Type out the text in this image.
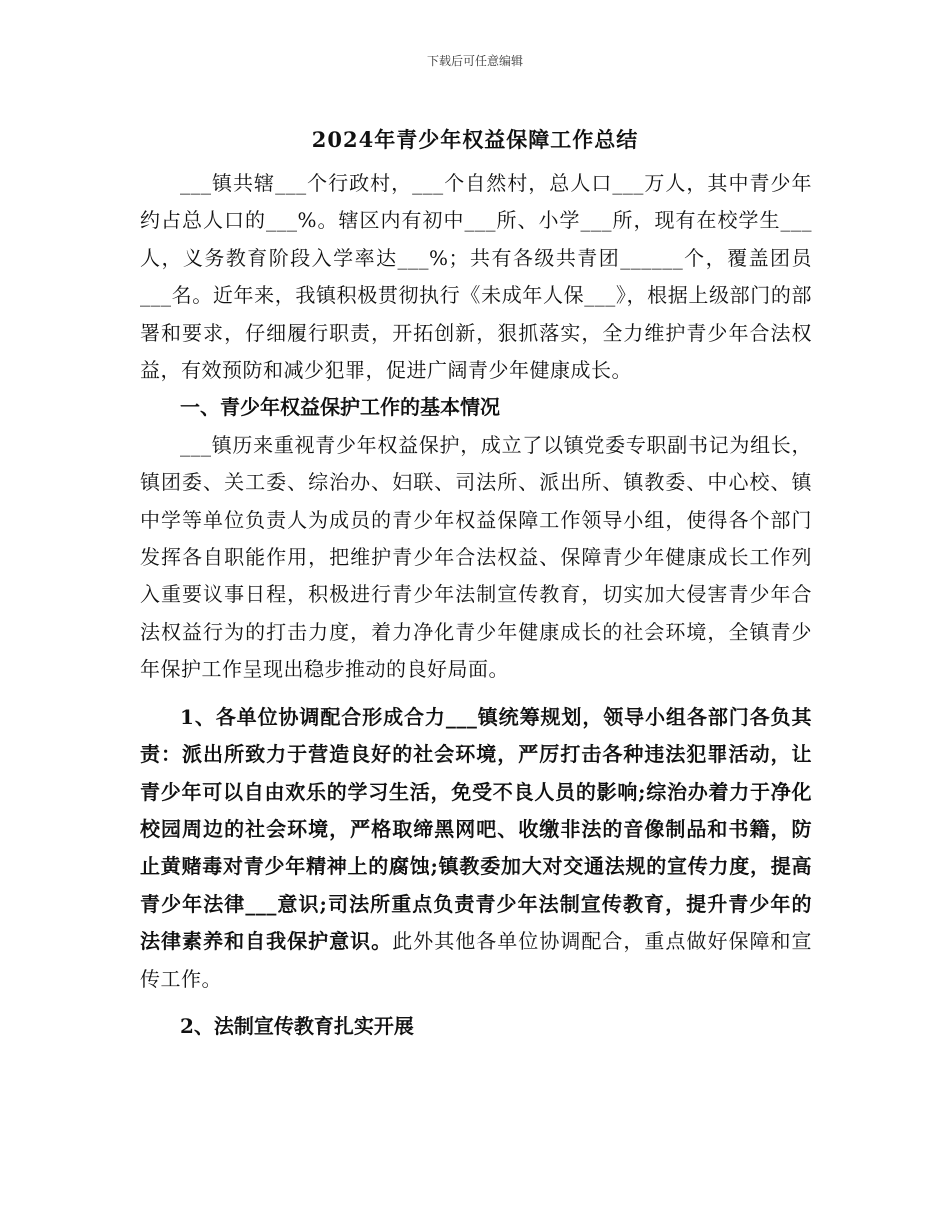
下载后可任意编辑
2024年青少年权益保障工作总结

___镇共辖___个行政村，___个自然村，总人口___万人，其中青少年约占总人口的___%。辖区内有初中___所、小学___所，现有在校学生___人，义务教育阶段入学率达___%；共有各级共青团______个，覆盖团员___名。近年来，我镇积极贯彻执行《未成年人保___》，根据上级部门的部署和要求，仔细履行职责，开拓创新，狠抓落实，全力维护青少年合法权益，有效预防和减少犯罪，促进广阔青少年健康成长。

一、青少年权益保护工作的基本情况

___镇历来重视青少年权益保护，成立了以镇党委专职副书记为组长，镇团委、关工委、综治办、妇联、司法所、派出所、镇教委、中心校、镇中学等单位负责人为成员的青少年权益保障工作领导小组，使得各个部门发挥各自职能作用，把维护青少年合法权益、保障青少年健康成长工作列入重要议事日程，积极进行青少年法制宣传教育，切实加大侵害青少年合法权益行为的打击力度，着力净化青少年健康成长的社会环境，全镇青少年保护工作呈现出稳步推动的良好局面。

1、各单位协调配合形成合力___镇统筹规划，领导小组各部门各负其责：派出所致力于营造良好的社会环境，严厉打击各种违法犯罪活动，让青少年可以自由欢乐的学习生活，免受不良人员的影响;综治办着力于净化校园周边的社会环境，严格取缔黑网吧、收缴非法的音像制品和书籍，防止黄赌毒对青少年精神上的腐蚀;镇教委加大对交通法规的宣传力度，提高青少年法律___意识;司法所重点负责青少年法制宣传教育，提升青少年的法律素养和自我保护意识。此外其他各单位协调配合，重点做好保障和宣传工作。

2、法制宣传教育扎实开展
